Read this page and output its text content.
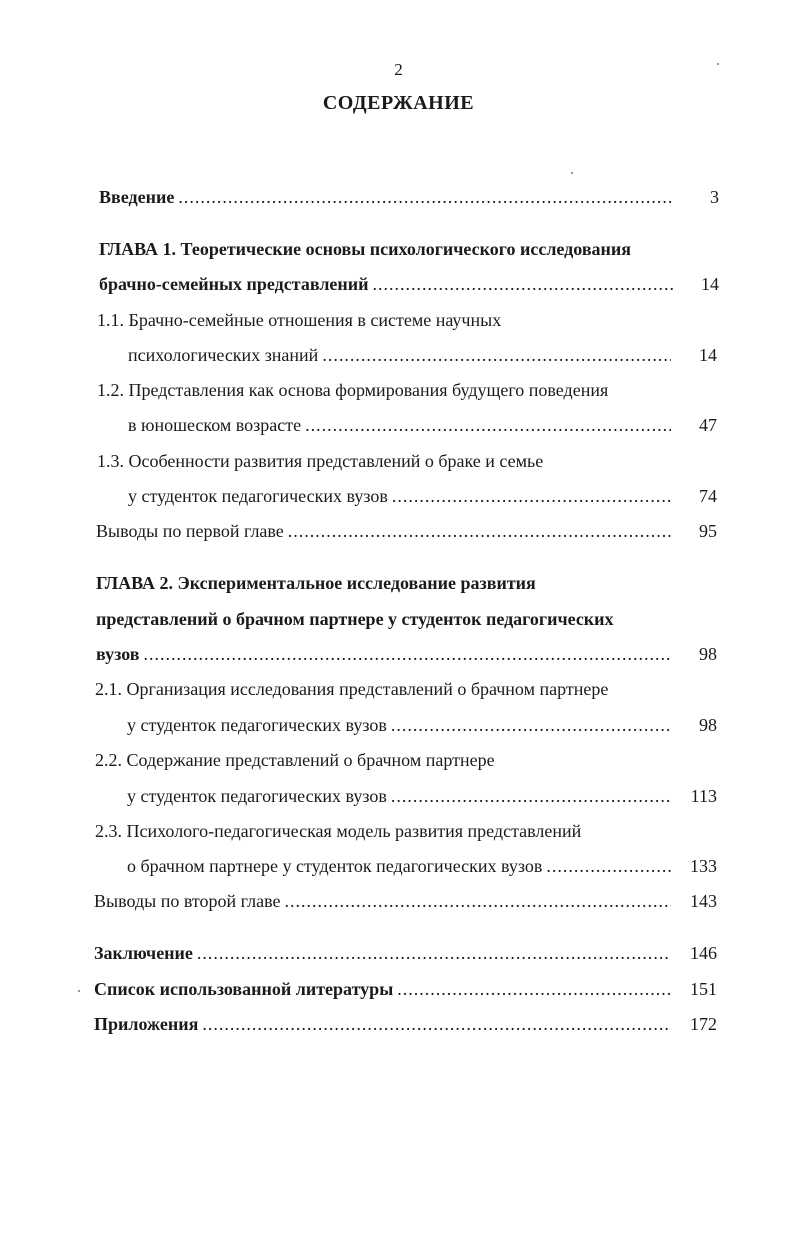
2
СОДЕРЖАНИЕ
Введение .....	3
ГЛАВА 1. Теоретические основы психологического исследования
брачно-семейных представлений .....	14
1.1. Брачно-семейные отношения в системе научных
психологических знаний .....	14
1.2. Представления как основа формирования будущего поведения
в юношеском возрасте .....	47
1.3. Особенности развития представлений о браке и семье
у студенток педагогических вузов .....	74
Выводы по первой главе .....	95
ГЛАВА 2. Экспериментальное исследование развития
представлений о брачном партнере у студенток педагогических
вузов .....	98
2.1. Организация исследования представлений о брачном партнере
у студенток педагогических вузов .....	98
2.2. Содержание представлений о брачном партнере
у студенток педагогических вузов .....	113
2.3. Психолого-педагогическая модель развития представлений
о брачном партнере у студенток педагогических вузов .....	133
Выводы по второй главе .....	143
Заключение .....	146
Список использованной литературы .....	151
Приложения .....	172
